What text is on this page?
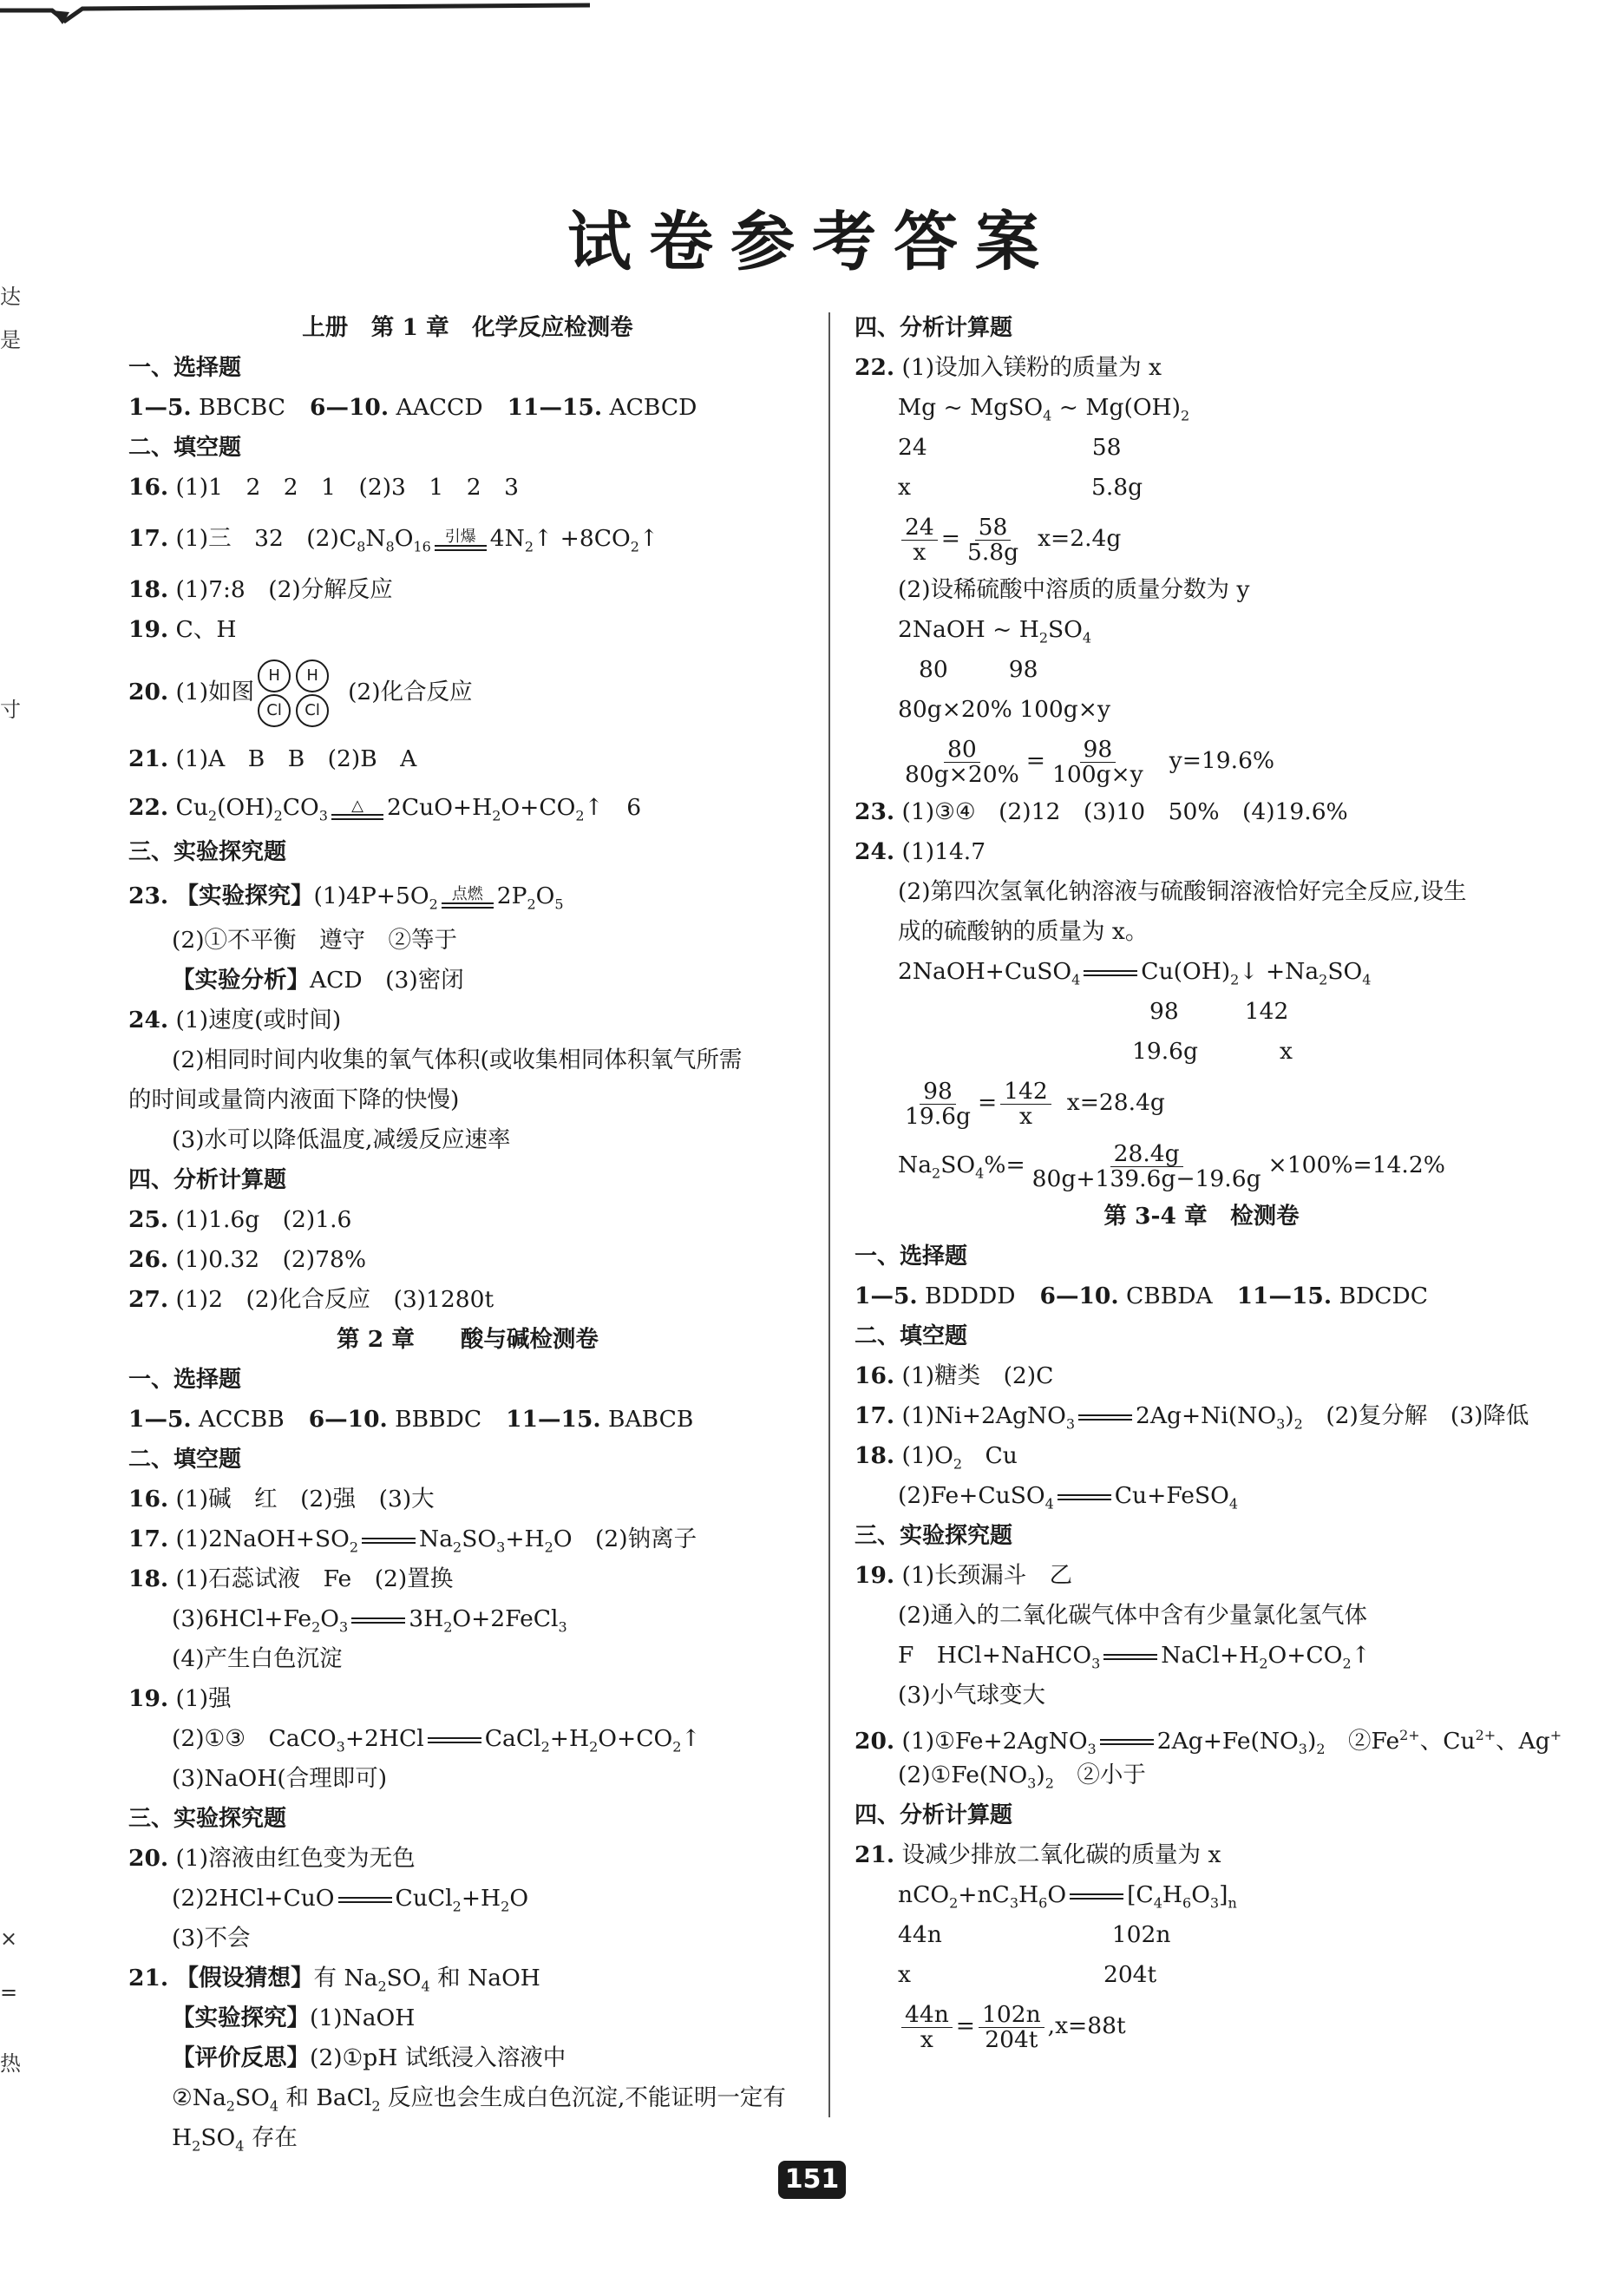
达
是
寸
×
=
热
试卷参考答案
上册　第 1 章　化学反应检测卷
一、选择题
1—5. BBCBC 6—10. AACCD 11—15. ACBCD
二、填空题
16. (1)1　2　2　1　(2)3　1　2　3
17. (1)三　32　$(2)C_8N_8O_{16}$
引爆 $4N_2↑$ $+8CO_2↑$
18. (1)7:8　(2)分解反应
19. C、H
20. (1)如图
H	H
Cl	Cl
(2)化合反应
21. (1)A　B　B　(2)B　A
22. $Cu_2(OH)_2CO_3$
△ $2CuO+H_2O+CO_2↑$　6
三、实验探究题
23. 【实验探究】$(1)4P+5O_2$
点燃 $2P_2O_5$
(2)①不平衡　遵守　②等于
【实验分析】ACD　(3)密闭
24. (1)速度(或时间)
(2)相同时间内收集的氧气体积(或收集相同体积氧气所需
的时间或量筒内液面下降的快慢)
(3)水可以降低温度,减缓反应速率
四、分析计算题
25. (1)1.6g　(2)1.6
26. (1)0.32　(2)78%
27. (1)2　(2)化合反应　(3)1280t
第 2 章　　酸与碱检测卷
一、选择题
1—5. ACCBB 6—10. BBBDC 11—15. BABCB
二、填空题
16. (1)碱　红　(2)强　(3)大
17. $(1)2NaOH+SO_2$	$Na_2SO_3+H_2O$　(2)钠离子
18. (1)石蕊试液　Fe　(2)置换
$(3)6HCl+Fe_2O_3$	$3H_2O+2FeCl_3$
(4)产生白色沉淀
19. (1)强
(2)①③　CaCO$_3$+2HCl	$CaCl_2+H_2O+CO_2↑$
(3)NaOH(合理即可)
三、实验探究题
20. (1)溶液由红色变为无色
(2)2HCl+CuO	$CuCl_2+H_2O$
(3)不会
21. 【假设猜想】有 $Na_2SO_4$ 和 NaOH
【实验探究】(1)NaOH
【评价反思】(2)①pH 试纸浸入溶液中
$②Na_2SO_4$ 和 BaCl$_2$ 反应也会生成白色沉淀,不能证明一定有
$H_2SO_4$ 存在
四、分析计算题
22. (1)设加入镁粉的质量为 x
Mg ~ MgSO$_4$ ~ $Mg(OH)_2$
24	58
x	5.8g
$\frac{24}{x} = \frac{58}{5.8g} x=2.4g$
(2)设稀硫酸中溶质的质量分数为 y
2NaOH ~ $H_2SO_4$
80	98
80g×20% 100g×y
$\frac{80}{80g\times 20\%} = \frac{98}{100g\times y} y=19.6\%$
23. (1)③④　(2)12　(3)10　50%　(4)19.6%
24. (1)14.7
(2)第四次氢氧化钠溶液与硫酸铜溶液恰好完全反应,设生
成的硫酸钠的质量为 x。
2NaOH+CuSO$_4$	$Cu(OH)_2↓ +Na_2SO_4$
98	142
19.6g	x
$\frac{98}{19.6g} = \frac{142}{x} x=28.4g$
$Na_2SO_4\%= \frac{28.4g}{80g+139.6g-19.6g} \times 100\%=14.2\%$
第 3-4 章　检测卷
一、选择题
1—5. BDDDD 6—10. CBBDA 11—15. BDCDC
二、填空题
16. (1)糖类　(2)C
17. (1)Ni+2AgNO$_3$	$2Ag+Ni(NO_3)_2$　(2)复分解　(3)降低
18. $(1)O_2$　Cu
(2)Fe+CuSO$_4$	Cu+FeSO$_4$
三、实验探究题
19. (1)长颈漏斗　乙
(2)通入的二氧化碳气体中含有少量氯化氢气体
F　HCl+NaHCO$_3$	$NaCl+H_2O+CO_2↑$
(3)小气球变大
20. (1)①Fe+2AgNO$_3$	$2Ag+Fe(NO_3)_2$　$②Fe^{2+}$、$Cu^{2+}$、Ag+
$(2)①Fe(NO_3)_2$　②小于
四、分析计算题
21. 设减少排放二氧化碳的质量为 x
$nCO_2+nC_3H_6O$	$[C_4H_6O_3]_n$
44n	102n
x	204t
$\frac{44n}{x} = \frac{102n}{204t} ,x=88t$
151
